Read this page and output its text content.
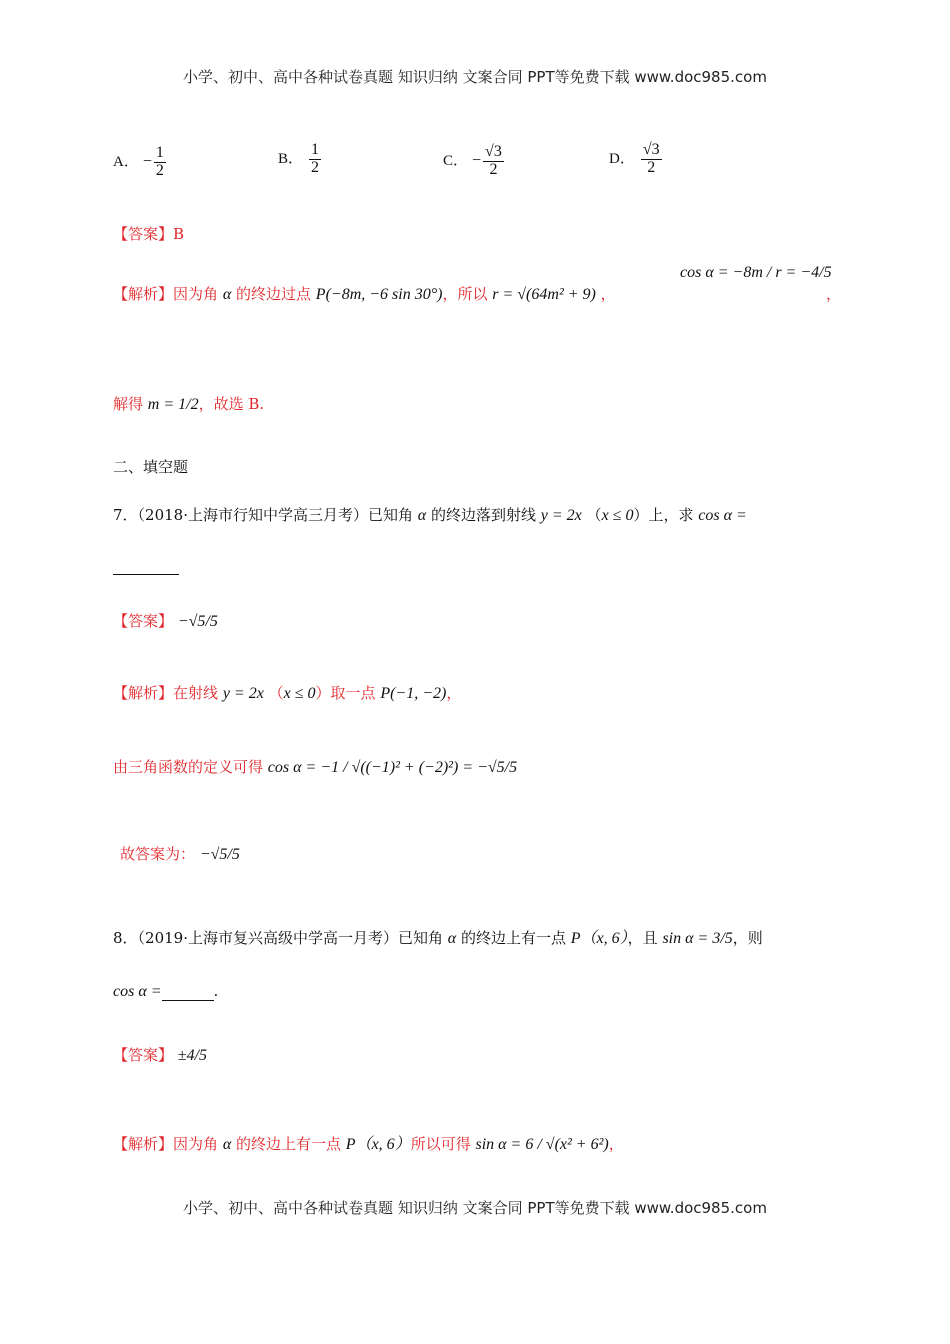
小学、初中、高中各种试卷真题 知识归纳 文案合同 PPT等免费下载 www.doc985.com
A． − $\frac{1}{2}$	B． $\frac{1}{2}$	C． − $\frac{√3}{2}$	D． $\frac{√3}{2}$
【答案】B
【解析】因为角 α 的终边过点 P(−8m, −6 sin 30°)，所以 r = √(64m² + 9) ，
cos α = −8m / r = −4/5
，
解得 m = 1/2，故选 B.
二、填空题
7．（2018·上海市行知中学高三月考）已知角 α 的终边落到射线 y = 2x （x ≤ 0）上，求 cos α =
【答案】 −√5/5
【解析】在射线 y = 2x （x ≤ 0）取一点 P(−1, −2)，
由三角函数的定义可得 cos α = −1 / √((−1)² + (−2)²) = −√5/5
故答案为： −√5/5
8．（2019·上海市复兴高级中学高一月考）已知角 α 的终边上有一点 P（x, 6），且 sin α = 3/5，则
cos α =	.
【答案】 ±4/5
【解析】因为角 α 的终边上有一点 P（x, 6）所以可得 sin α = 6 / √(x² + 6²)，
小学、初中、高中各种试卷真题 知识归纳 文案合同 PPT等免费下载 www.doc985.com
